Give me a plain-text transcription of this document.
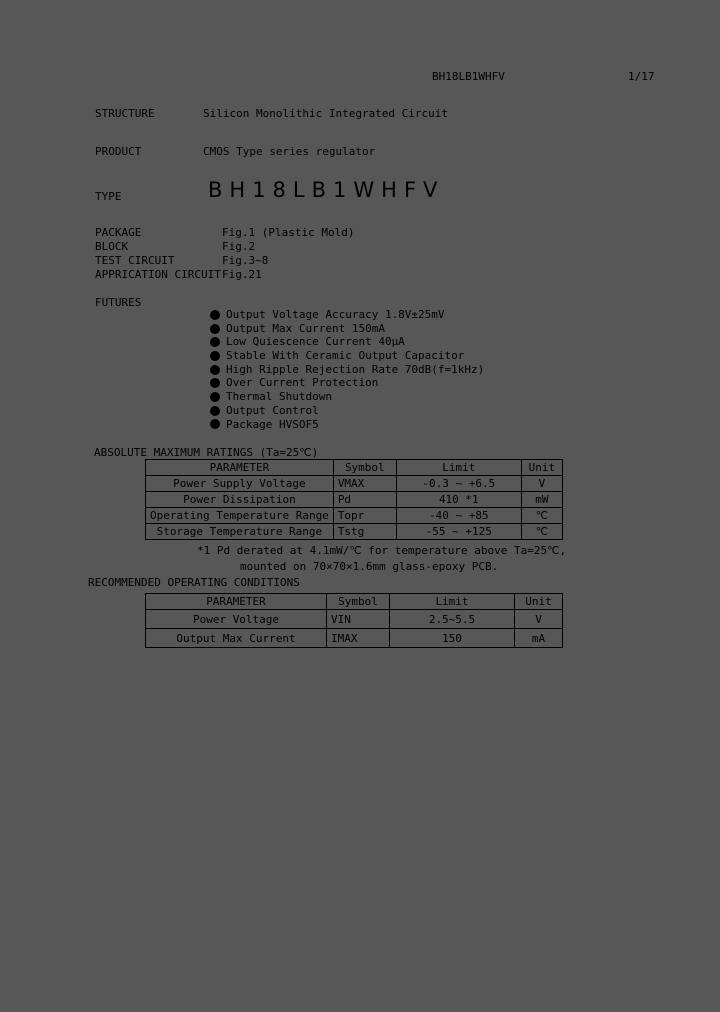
BH18LB1WHFV	1/17
STRUCTURE	Silicon Monolithic Integrated Circuit
PRODUCT	CMOS Type series regulator
TYPE	BH18LB1WHFV
PACKAGE	Fig.1 (Plastic Mold)
BLOCK	Fig.2
TEST CIRCUIT	Fig.3~8
APPRICATION CIRCUIT Fig.21
FUTURES
Output Voltage Accuracy 1.8V±25mV
Output Max Current 150mA
Low Quiescence Current 40μA
Stable With Ceramic Output Capacitor
High Ripple Rejection Rate 70dB(f=1kHz)
Over Current Protection
Thermal Shutdown
Output Control
Package HVSOF5
ABSOLUTE MAXIMUM RATINGS (Ta=25℃)
PARAMETER	Symbol	Limit	Unit
Power Supply Voltage	VMAX	-0.3 ~ +6.5	V
Power Dissipation	Pd	410 *1	mW
Operating Temperature Range	Topr	-40 ~ +85	℃
Storage Temperature Range	Tstg	-55 ~ +125	℃
*1 Pd derated at 4.1mW/℃ for temperature above Ta=25℃,
mounted on 70×70×1.6mm glass-epoxy PCB.
RECOMMENDED OPERATING CONDITIONS
PARAMETER	Symbol	Limit	Unit
Power Voltage	VIN	2.5~5.5	V
Output Max Current	IMAX	150	mA
